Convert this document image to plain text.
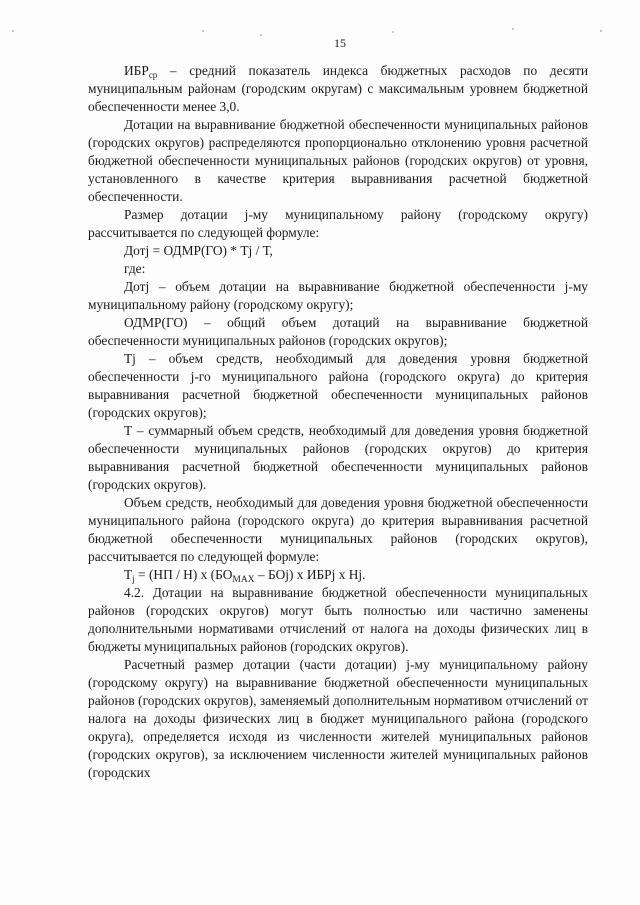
15

$ИБР_{ср}$ – средний показатель индекса бюджетных расходов по десяти муниципальным районам (городским округам) с максимальным уровнем бюджетной обеспеченности менее 3,0.

Дотации на выравнивание бюджетной обеспеченности муниципальных районов (городских округов) распределяются пропорционально отклонению уровня расчетной бюджетной обеспеченности муниципальных районов (городских округов) от уровня, установленного в качестве критерия выравнивания расчетной бюджетной обеспеченности.

Размер дотации j-му муниципальному району (городскому округу) рассчитывается по следующей формуле:

Дотj = ОДМР(ГО) * Тj / Т,

где:

Дотj – объем дотации на выравнивание бюджетной обеспеченности j-му муниципальному району (городскому округу);

ОДМР(ГО) – общий объем дотаций на выравнивание бюджетной обеспеченности муниципальных районов (городских округов);

Тj – объем средств, необходимый для доведения уровня бюджетной обеспеченности j-го муниципального района (городского округа) до критерия выравнивания расчетной бюджетной обеспеченности муниципальных районов (городских округов);

Т – суммарный объем средств, необходимый для доведения уровня бюджетной обеспеченности муниципальных районов (городских округов) до критерия выравнивания расчетной бюджетной обеспеченности муниципальных районов (городских округов).

Объем средств, необходимый для доведения уровня бюджетной обеспеченности муниципального района (городского округа) до критерия выравнивания расчетной бюджетной обеспеченности муниципальных районов (городских округов), рассчитывается по следующей формуле:

$Т_j = (НП / Н)$ x $(БО_{MAX} - БОj)$ x ИБРj x Нj.

4.2. Дотации на выравнивание бюджетной обеспеченности муниципальных районов (городских округов) могут быть полностью или частично заменены дополнительными нормативами отчислений от налога на доходы физических лиц в бюджеты муниципальных районов (городских округов).

Расчетный размер дотации (части дотации) j-му муниципальному району (городскому округу) на выравнивание бюджетной обеспеченности муниципальных районов (городских округов), заменяемый дополнительным нормативом отчислений от налога на доходы физических лиц в бюджет муниципального района (городского округа), определяется исходя из численности жителей муниципальных районов (городских округов), за исключением численности жителей муниципальных районов (городских
